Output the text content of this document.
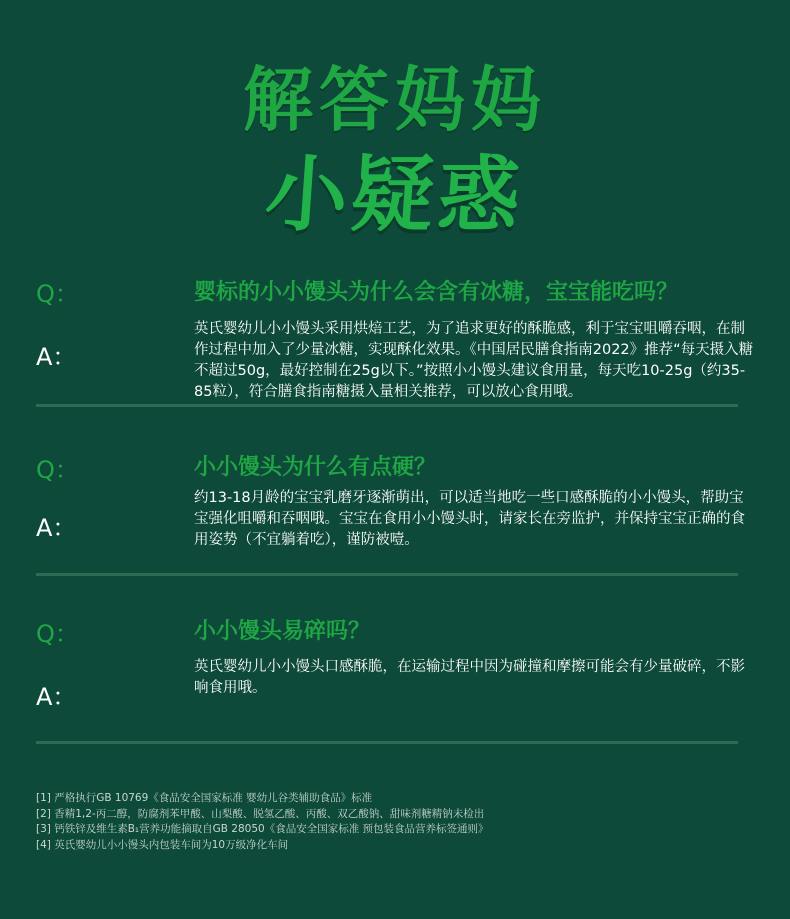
解答妈妈
小疑惑
Q：	婴标的小小馒头为什么会含有冰糖，宝宝能吃吗？
A：
英氏婴幼儿小小馒头采用烘焙工艺，为了追求更好的酥脆感，利于宝宝咀嚼吞咽，在制作过程中加入了少量冰糖，实现酥化效果。《中国居民膳食指南2022》推荐“每天摄入糖不超过50g，最好控制在25g以下。”按照小小馒头建议食用量，每天吃10-25g（约35-85粒），符合膳食指南糖摄入量相关推荐，可以放心食用哦。
Q：	小小馒头为什么有点硬？
A：
约13-18月龄的宝宝乳磨牙逐渐萌出，可以适当地吃一些口感酥脆的小小馒头，帮助宝宝强化咀嚼和吞咽哦。宝宝在食用小小馒头时，请家长在旁监护，并保持宝宝正确的食用姿势（不宜躺着吃），谨防被噎。
Q：	小小馒头易碎吗？
A：
英氏婴幼儿小小馒头口感酥脆，在运输过程中因为碰撞和摩擦可能会有少量破碎，不影响食用哦。
[1] 严格执行GB 10769《食品安全国家标准 婴幼儿谷类辅助食品》标准
[2] 香精1,2-丙二醇，防腐剂苯甲酸、山梨酸、脱氢乙酸、丙酸、双乙酸钠、甜味剂糖精钠未检出
[3] 钙铁锌及维生素B₁营养功能摘取自GB 28050《食品安全国家标准 预包装食品营养标签通则》
[4] 英氏婴幼儿小小馒头内包装车间为10万级净化车间
